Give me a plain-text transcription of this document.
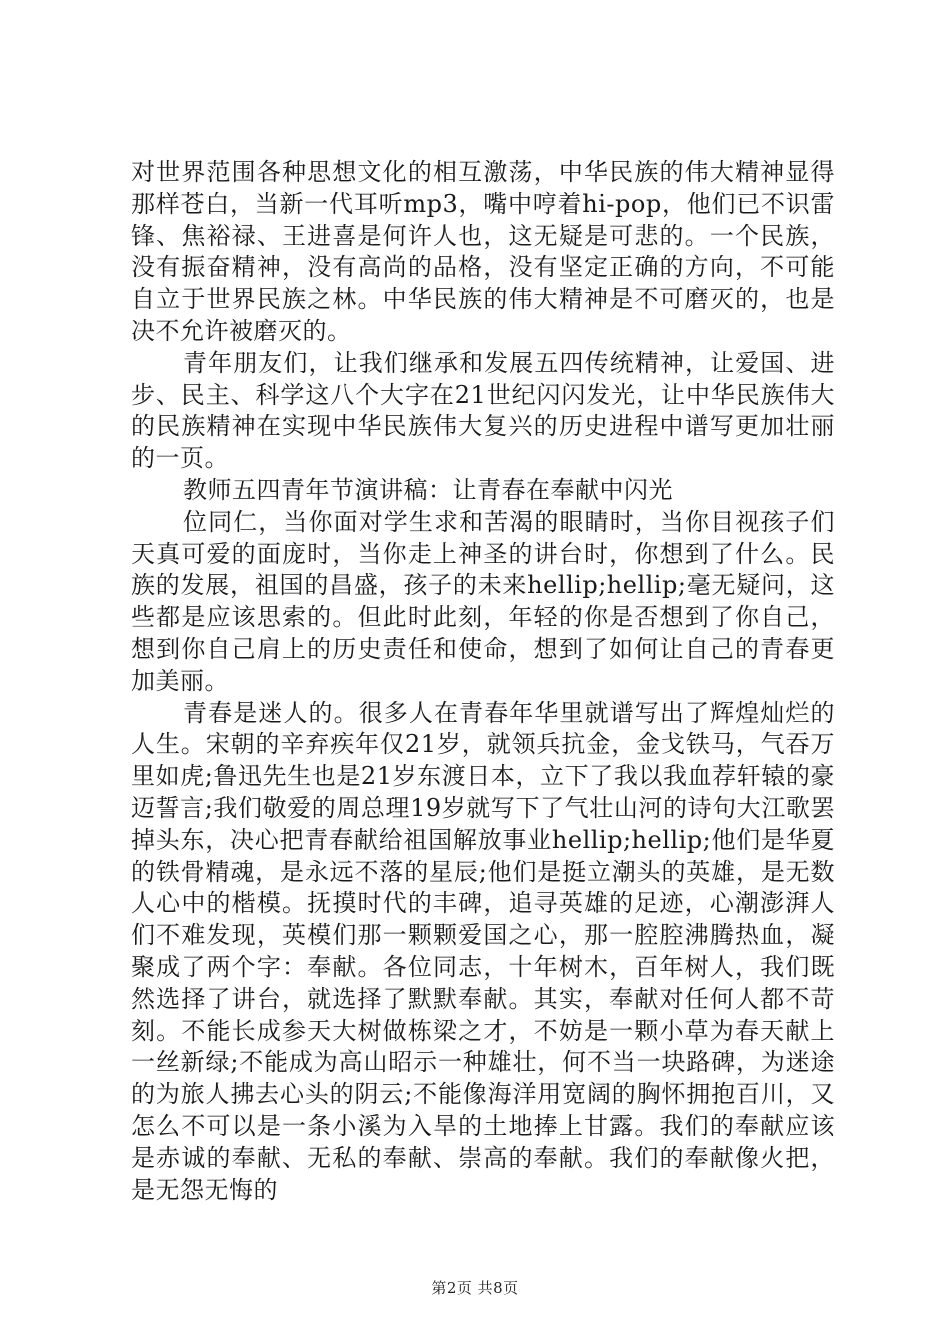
对世界范围各种思想文化的相互激荡，中华民族的伟大精神显得那样苍白，当新一代耳听mp3，嘴中哼着hi-pop，他们已不识雷锋、焦裕禄、王进喜是何许人也，这无疑是可悲的。一个民族，没有振奋精神，没有高尚的品格，没有坚定正确的方向，不可能自立于世界民族之林。中华民族的伟大精神是不可磨灭的，也是决不允许被磨灭的。

青年朋友们，让我们继承和发展五四传统精神，让爱国、进步、民主、科学这八个大字在21世纪闪闪发光，让中华民族伟大的民族精神在实现中华民族伟大复兴的历史进程中谱写更加壮丽的一页。

教师五四青年节演讲稿：让青春在奉献中闪光

位同仁，当你面对学生求和苦渴的眼睛时，当你目视孩子们天真可爱的面庞时，当你走上神圣的讲台时，你想到了什么。民族的发展，祖国的昌盛，孩子的未来hellip;hellip;毫无疑问，这些都是应该思索的。但此时此刻，年轻的你是否想到了你自己，想到你自己肩上的历史责任和使命，想到了如何让自己的青春更加美丽。

青春是迷人的。很多人在青春年华里就谱写出了辉煌灿烂的人生。宋朝的辛弃疾年仅21岁，就领兵抗金，金戈铁马，气吞万里如虎;鲁迅先生也是21岁东渡日本，立下了我以我血荐轩辕的豪迈誓言;我们敬爱的周总理19岁就写下了气壮山河的诗句大江歌罢掉头东，决心把青春献给祖国解放事业hellip;hellip;他们是华夏的铁骨精魂，是永远不落的星辰;他们是挺立潮头的英雄，是无数人心中的楷模。抚摸时代的丰碑，追寻英雄的足迹，心潮澎湃人们不难发现，英模们那一颗颗爱国之心，那一腔腔沸腾热血，凝聚成了两个字：奉献。各位同志，十年树木，百年树人，我们既然选择了讲台，就选择了默默奉献。其实，奉献对任何人都不苛刻。不能长成参天大树做栋梁之才，不妨是一颗小草为春天献上一丝新绿;不能成为高山昭示一种雄壮，何不当一块路碑，为迷途的为旅人拂去心头的阴云;不能像海洋用宽阔的胸怀拥抱百川，又怎么不可以是一条小溪为入旱的土地捧上甘露。我们的奉献应该是赤诚的奉献、无私的奉献、崇高的奉献。我们的奉献像火把，是无怨无悔的

第2页 共8页
